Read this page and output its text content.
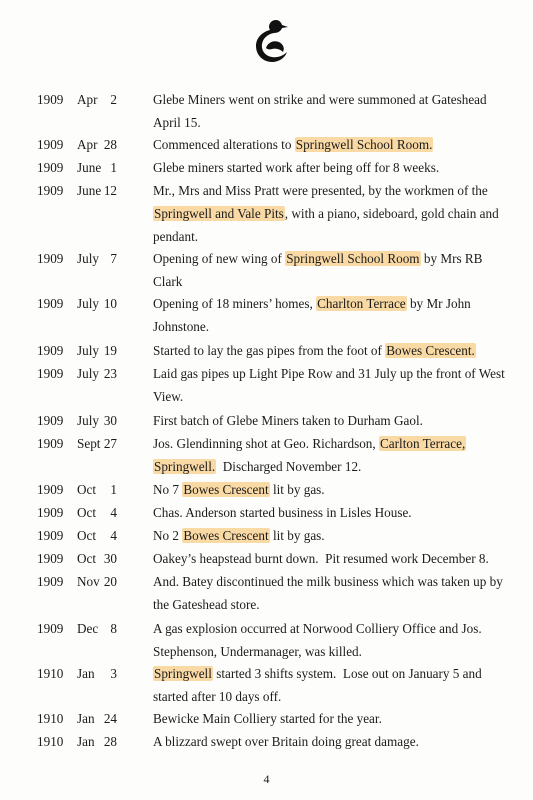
1909 Apr 2	Glebe Miners went on strike and were summoned at Gateshead
April 15.
1909 Apr 28	Commenced alterations to Springwell School Room.
1909 June 1	Glebe miners started work after being off for 8 weeks.
1909 June 12	Mr., Mrs and Miss Pratt were presented, by the workmen of the
Springwell and Vale Pits, with a piano, sideboard, gold chain and
pendant.
1909 July 7	Opening of new wing of Springwell School Room by Mrs RB
Clark
1909 July 10	Opening of 18 miners’ homes, Charlton Terrace by Mr John
Johnstone.
1909 July 19	Started to lay the gas pipes from the foot of Bowes Crescent.
1909 July 23	Laid gas pipes up Light Pipe Row and 31 July up the front of West
View.
1909 July 30	First batch of Glebe Miners taken to Durham Gaol.
1909 Sept 27	Jos. Glendinning shot at Geo. Richardson, Carlton Terrace,
Springwell.  Discharged November 12.
1909 Oct	1	No 7 Bowes Crescent lit by gas.
1909 Oct	4	Chas. Anderson started business in Lisles House.
1909 Oct	4	No 2 Bowes Crescent lit by gas.
1909 Oct 30	Oakey’s heapstead burnt down.  Pit resumed work December 8.
1909 Nov 20	And. Batey discontinued the milk business which was taken up by
the Gateshead store.
1909 Dec 8	A gas explosion occurred at Norwood Colliery Office and Jos.
Stephenson, Undermanager, was killed.
1910 Jan	3	Springwell started 3 shifts system.  Lose out on January 5 and
started after 10 days off.
1910 Jan 24	Bewicke Main Colliery started for the year.
1910 Jan 28	A blizzard swept over Britain doing great damage.
4
